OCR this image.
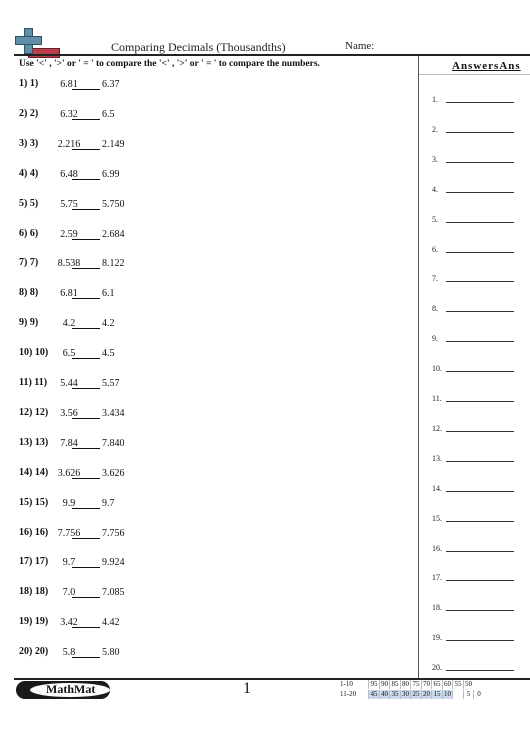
Comparing Decimals (Thousandths)	Name:
Use '<' , '>' or ' = ' to compare the '<' , '>' or ' = ' to compare the numbers.
1) 1)	6.81	6.37
2) 2)	6.32	6.5
3) 3)	2.216	2.149
4) 4)	6.48	6.99
5) 5)	5.75	5.750
6) 6)	2.59	2.684
7) 7)	8.538	8.122
8) 8)	6.81	6.1
9) 9)	4.2	4.2
10) 10)	6.5	4.5
11) 11)	5.44	5.57
12) 12)	3.56	3.434
13) 13)	7.84	7.840
14) 14) 3.626	3.626
15) 15)	9.9	9.7
16) 16) 7.756	7.756
17) 17)	9.7	9.924
18) 18)	7.0	7.085
19) 19)	3.42	4.42
20) 20)	5.8	5.80
AnswersAns
1.
2.
3.
4.
5.
6.
7.
8.
9.
10.
11.
12.
13.
14.
15.
16.
17.
18.
19.
20.
MathMat	1	1-10	95 90 85 80 75 70 65 60 55 50
11-20	45 40 35 30 25 20 15 10	5	0
